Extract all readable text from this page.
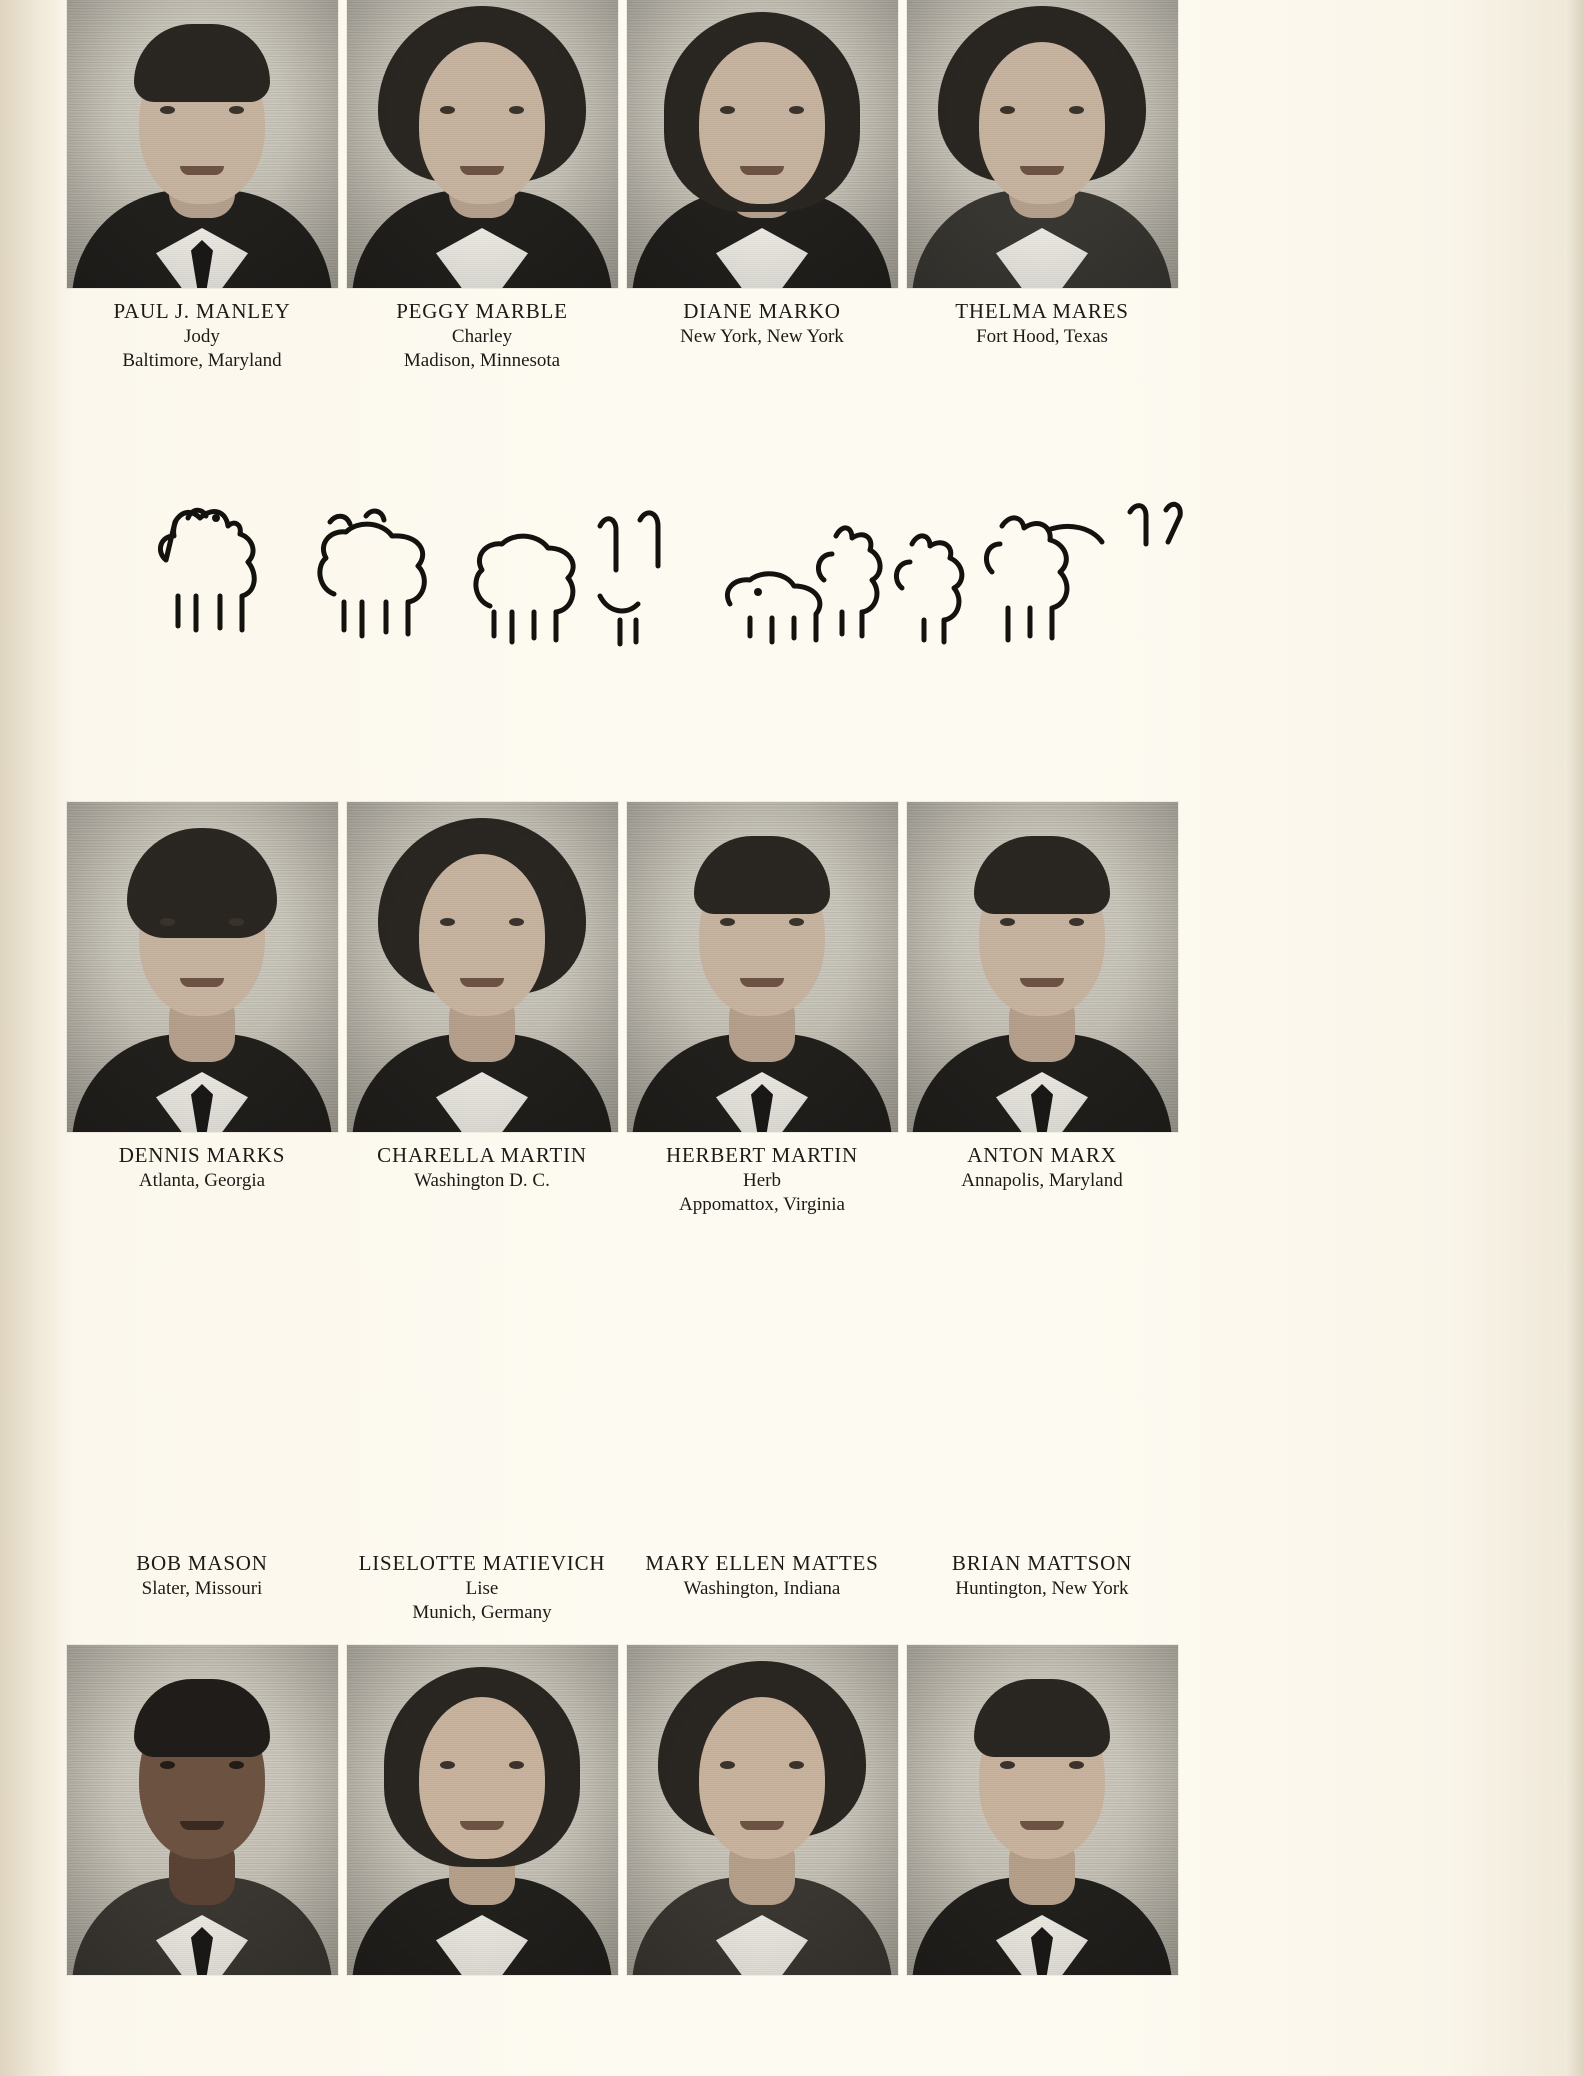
PAUL J. MANLEY
Jody
Baltimore, Maryland
PEGGY MARBLE
Charley
Madison, Minnesota
DIANE MARKO
New York, New York
THELMA MARES
Fort Hood, Texas
DENNIS MARKS
Atlanta, Georgia
CHARELLA MARTIN
Washington D. C.
HERBERT MARTIN
Herb
Appomattox, Virginia
ANTON MARX
Annapolis, Maryland
BOB MASON
Slater, Missouri
LISELOTTE MATIEVICH
Lise
Munich, Germany
MARY ELLEN MATTES
Washington, Indiana
BRIAN MATTSON
Huntington, New York
